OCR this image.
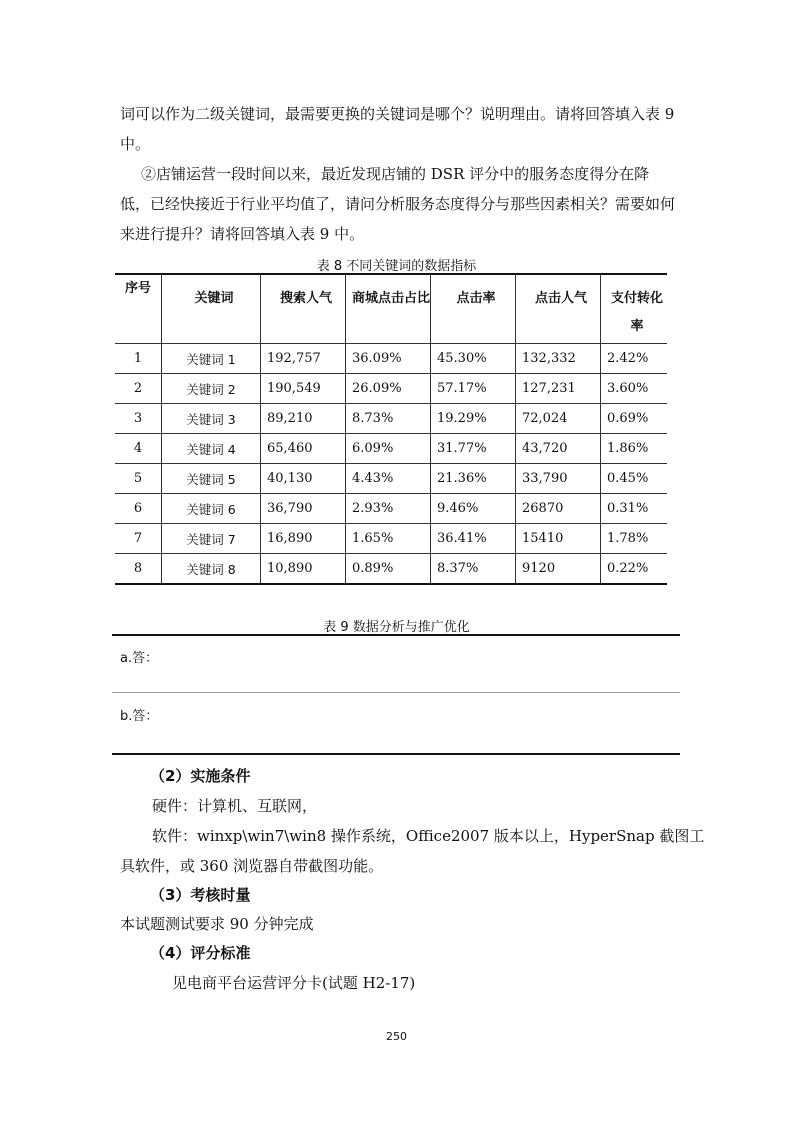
词可以作为二级关键词，最需要更换的关键词是哪个？说明理由。请将回答填入表 9 中。
②店铺运营一段时间以来，最近发现店铺的 DSR 评分中的服务态度得分在降低，已经快接近于行业平均值了，请问分析服务态度得分与那些因素相关？需要如何来进行提升？请将回答填入表 9 中。
表 8 不同关键词的数据指标
序号	关键词	搜索人气	商城点击占比	点击率	点击人气	支付转化率
1	关键词 1	192,757	36.09%	45.30%	132,332	2.42%
2	关键词 2	190,549	26.09%	57.17%	127,231	3.60%
3	关键词 3	89,210	8.73%	19.29%	72,024	0.69%
4	关键词 4	65,460	6.09%	31.77%	43,720	1.86%
5	关键词 5	40,130	4.43%	21.36%	33,790	0.45%
6	关键词 6	36,790	2.93%	9.46%	26870	0.31%
7	关键词 7	16,890	1.65%	36.41%	15410	1.78%
8	关键词 8	10,890	0.89%	8.37%	9120	0.22%
表 9 数据分析与推广优化
a.答：
b.答：
（2）实施条件
硬件：计算机、互联网，
软件：winxp\win7\win8 操作系统，Office2007 版本以上，HyperSnap 截图工
具软件，或 360 浏览器自带截图功能。
（3）考核时量
本试题测试要求 90 分钟完成
（4）评分标准
见电商平台运营评分卡(试题 H2-17)
250
